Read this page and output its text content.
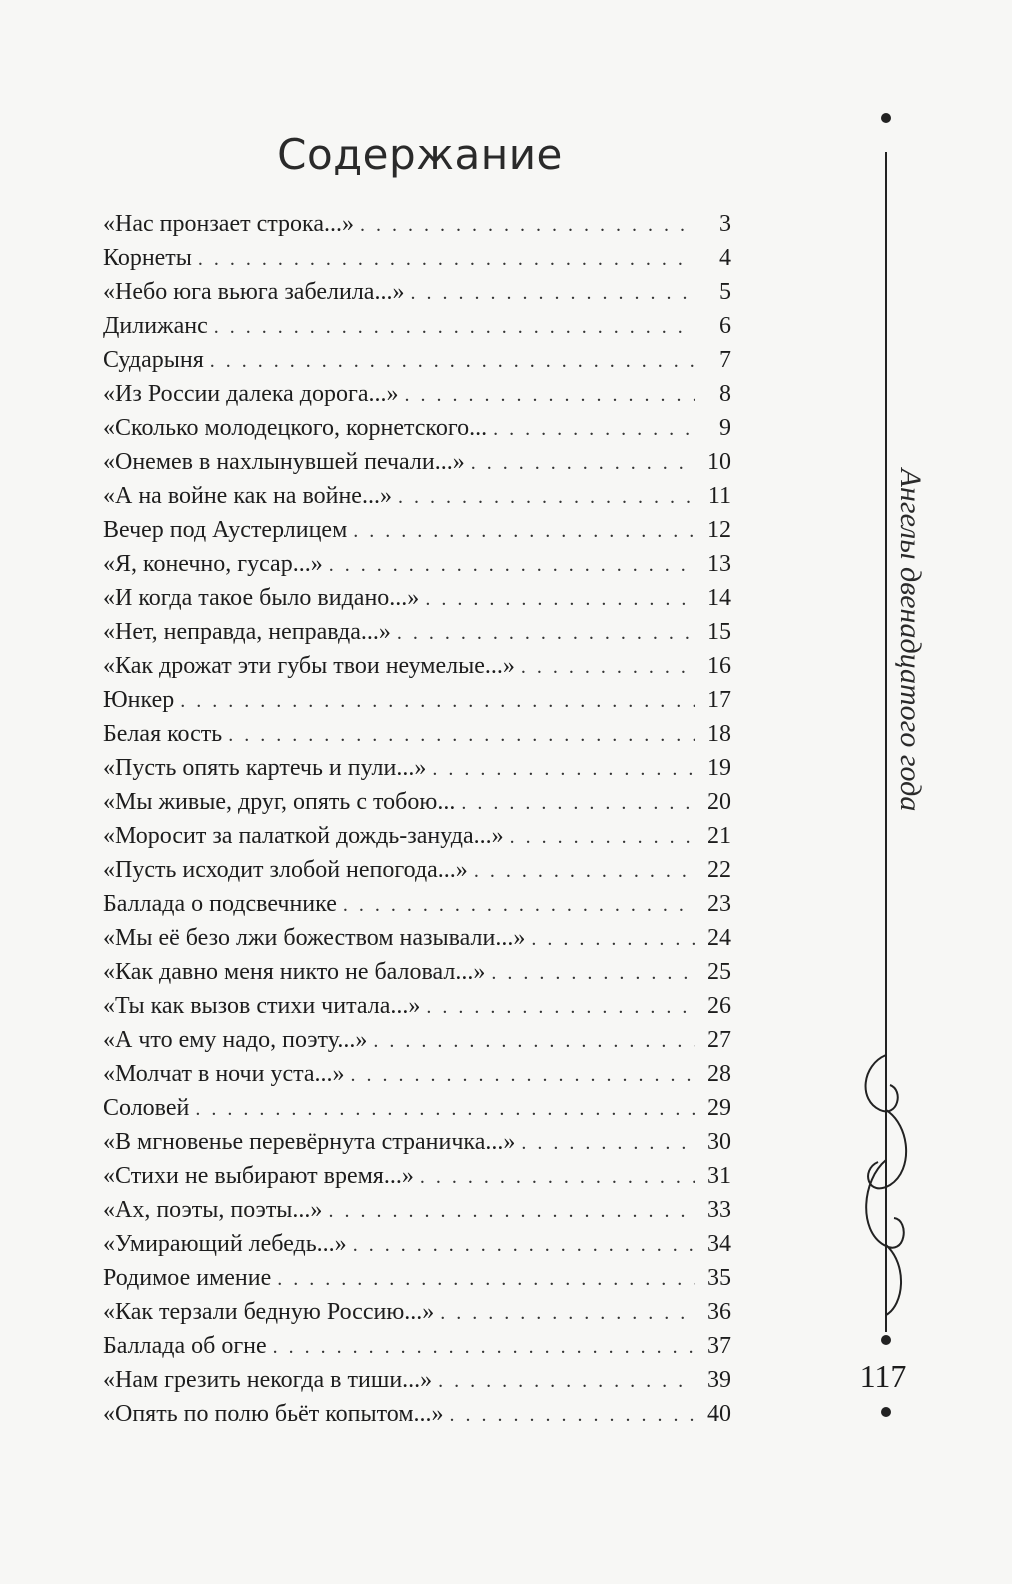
Содержание
«Нас пронзает строка...» . . .	3
Корнеты . . .	4
«Небо юга вьюга забелила...» . . .	5
Дилижанс . . .	6
Сударыня . . .	7
«Из России далека дорога...» . . .	8
«Сколько молодецкого, корнетского... . . .	9
«Онемев в нахлынувшей печали...» . . .	10
«А на войне как на войне...» . . .	11
Вечер под Аустерлицем . . .	12
«Я, конечно, гусар...» . . .	13
«И когда такое было видано...» . . .	14
«Нет, неправда, неправда...» . . .	15
«Как дрожат эти губы твои неумелые...» . . .	16
Юнкер . . .	17
Белая кость . . .	18
«Пусть опять картечь и пули...» . . .	19
«Мы живые, друг, опять с тобою... . . .	20
«Моросит за палаткой дождь-зануда...» . . .	21
«Пусть исходит злобой непогода...» . . .	22
Баллада о подсвечнике . . .	23
«Мы её безо лжи божеством называли...» . . .	24
«Как давно меня никто не баловал...» . . .	25
«Ты как вызов стихи читала...» . . .	26
«А что ему надо, поэту...» . . .	27
«Молчат в ночи уста...» . . .	28
Соловей . . .	29
«В мгновенье перевёрнута страничка...» . . .	30
«Стихи не выбирают время...» . . .	31
«Ах, поэты, поэты...» . . .	33
«Умирающий лебедь...» . . .	34
Родимое имение . . .	35
«Как терзали бедную Россию...» . . .	36
Баллада об огне . . .	37
«Нам грезить некогда в тиши...» . . .	39
«Опять по полю бьёт копытом...» . . .	40
Ангелы двенадцатого года
117
